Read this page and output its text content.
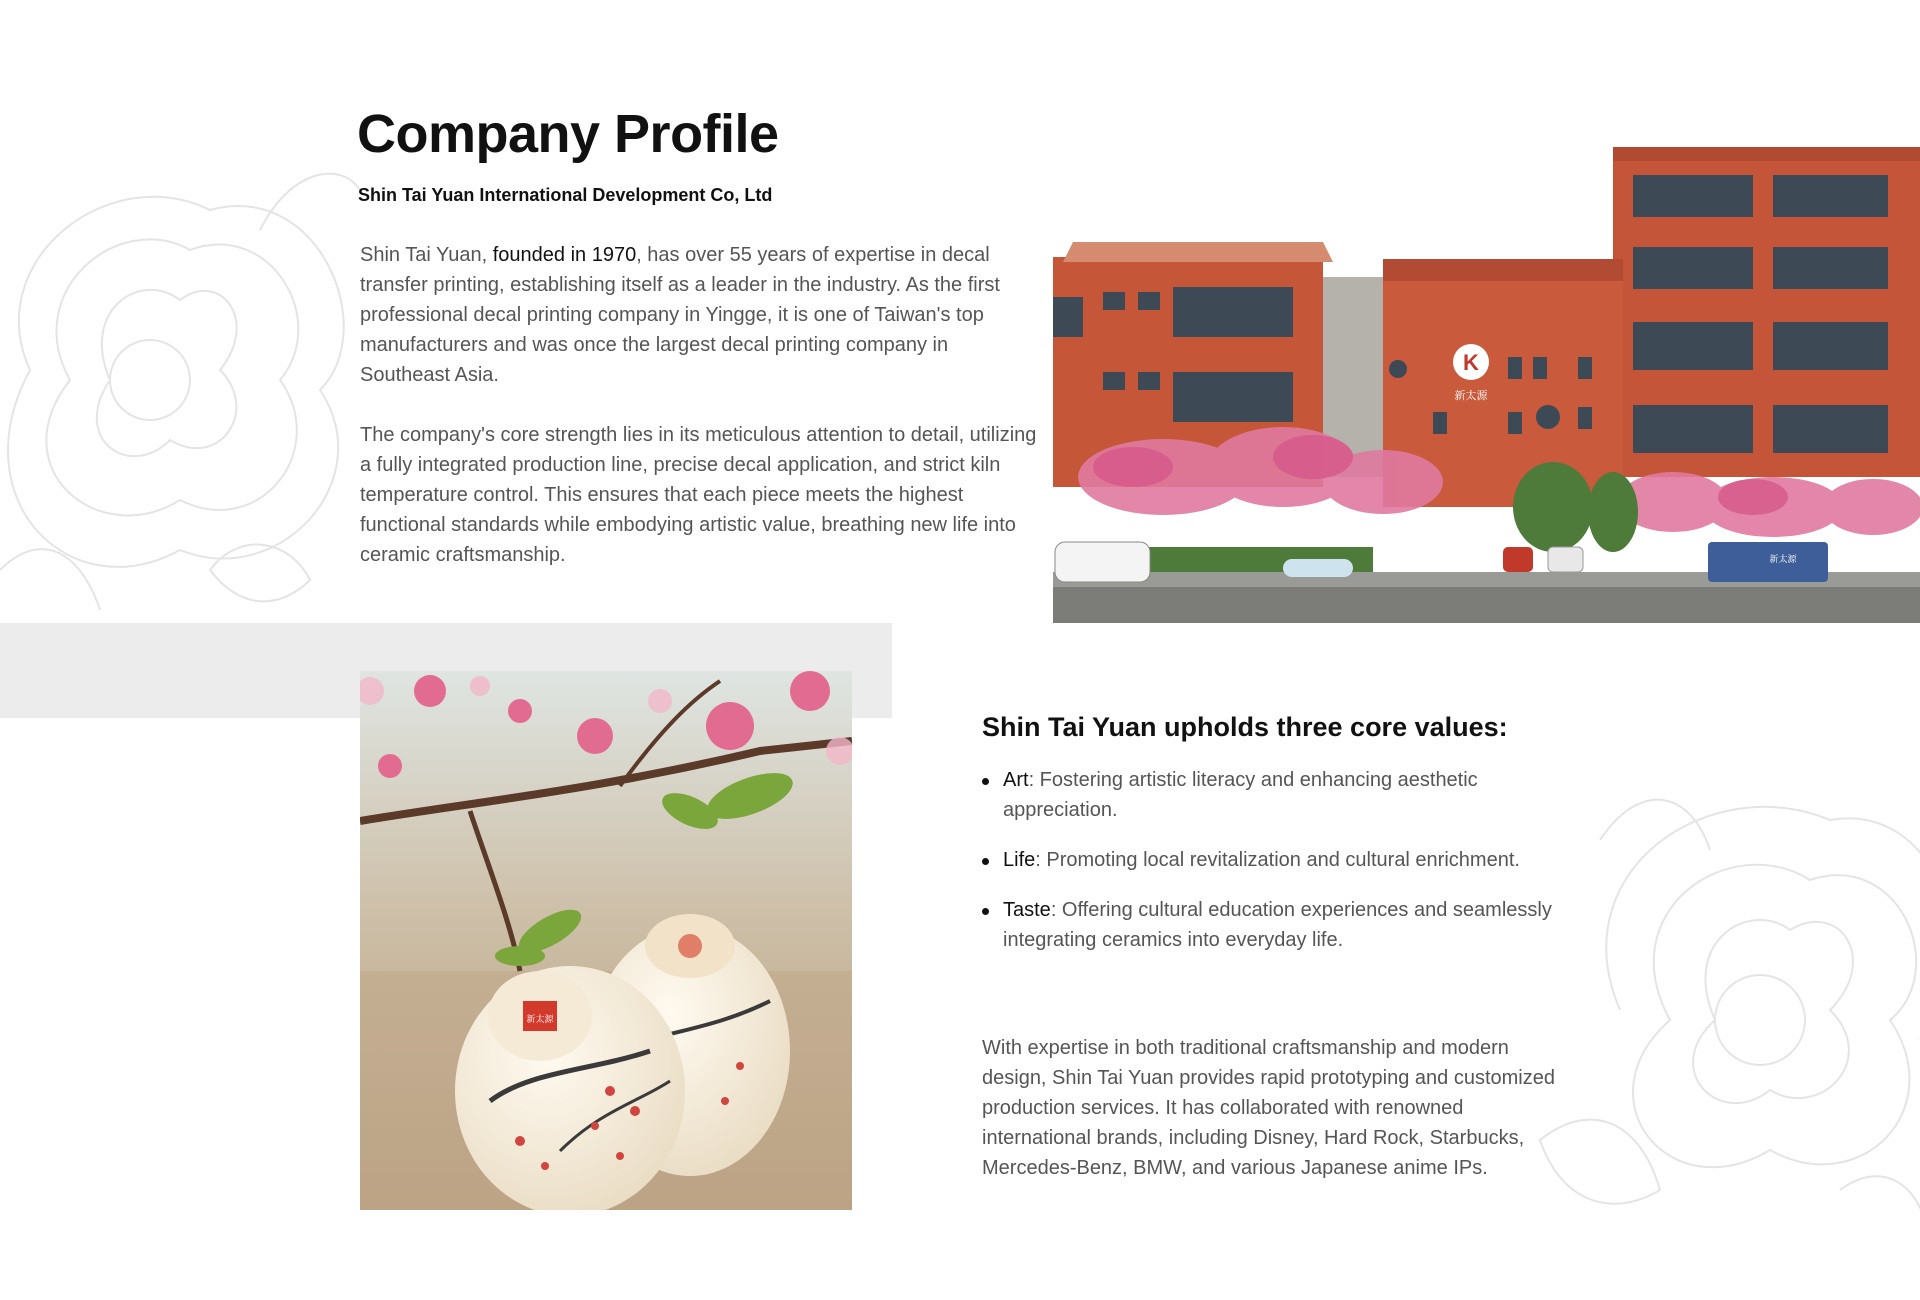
Company Profile
Shin Tai Yuan International Development Co, Ltd

Shin Tai Yuan, founded in 1970, has over 55 years of expertise in decal transfer printing, establishing itself as a leader in the industry. As the first professional decal printing company in Yingge, it is one of Taiwan's top manufacturers and was once the largest decal printing company in Southeast Asia.

The company's core strength lies in its meticulous attention to detail, utilizing a fully integrated production line, precise decal application, and strict kiln temperature control. This ensures that each piece meets the highest functional standards while embodying artistic value, breathing new life into ceramic craftsmanship.

K
新太源
新太源
新太源
Shin Tai Yuan upholds three core values:
Art: Fostering artistic literacy and enhancing aesthetic appreciation.
Life: Promoting local revitalization and cultural enrichment.
Taste: Offering cultural education experiences and seamlessly integrating ceramics into everyday life.

With expertise in both traditional craftsmanship and modern design, Shin Tai Yuan provides rapid prototyping and customized production services. It has collaborated with renowned international brands, including Disney, Hard Rock, Starbucks, Mercedes-Benz, BMW, and various Japanese anime IPs.
